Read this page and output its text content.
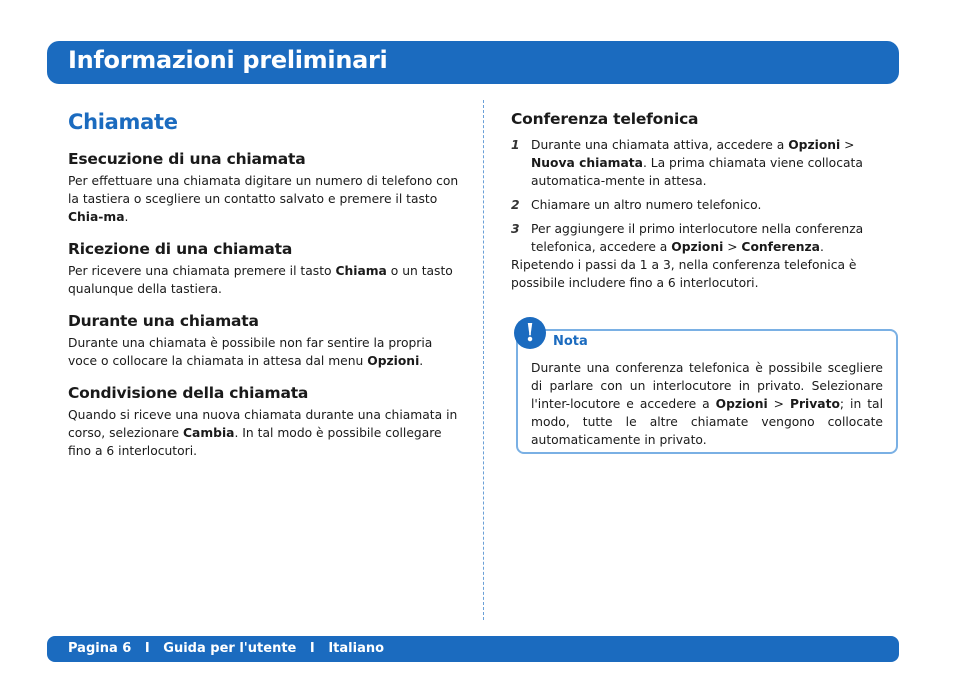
Informazioni preliminari
Chiamate
Esecuzione di una chiamata

Per effettuare una chiamata digitare un numero di telefono con la tastiera o scegliere un contatto salvato e premere il tasto Chia-ma.

Ricezione di una chiamata

Per ricevere una chiamata premere il tasto Chiama o un tasto qualunque della tastiera.

Durante una chiamata

Durante una chiamata è possibile non far sentire la propria voce o collocare la chiamata in attesa dal menu Opzioni.

Condivisione della chiamata

Quando si riceve una nuova chiamata durante una chiamata in corso, selezionare Cambia. In tal modo è possibile collegare fino a 6 interlocutori.

Conferenza telefonica
1 Durante una chiamata attiva, accedere a Opzioni > Nuova chiamata. La prima chiamata viene collocata automatica-mente in attesa.
2 Chiamare un altro numero telefonico.
3 Per aggiungere il primo interlocutore nella conferenza telefonica, accedere a Opzioni > Conferenza.

Ripetendo i passi da 1 a 3, nella conferenza telefonica è possibile includere fino a 6 interlocutori.

!	Nota

Durante una conferenza telefonica è possibile scegliere di parlare con un interlocutore in privato. Selezionare l'inter-locutore e accedere a Opzioni > Privato; in tal modo, tutte le altre chiamate vengono collocate automaticamente in privato.

Pagina 6   I   Guida per l'utente   I   Italiano
